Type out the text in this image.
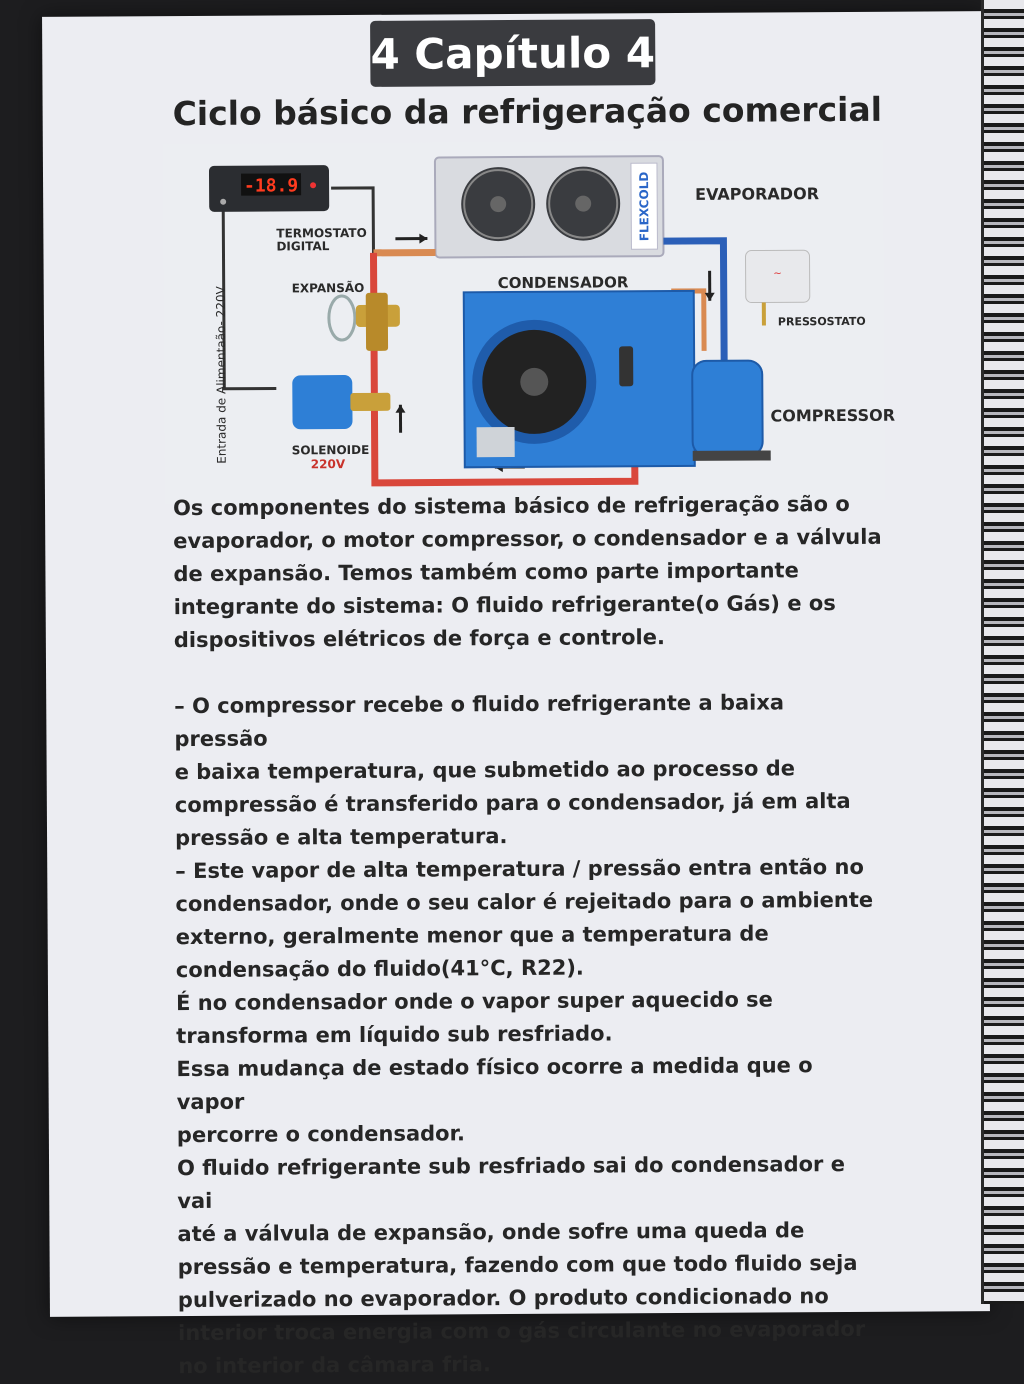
4 Capítulo 4
Ciclo básico da refrigeração comercial
-18.9	FLEXCOLD
~
Entrada de Alimentaão- 220V
TERMOSTATO
DIGITAL
EXPANSÃO
SOLENOIDE
220V
EVAPORADOR
CONDENSADOR
PRESSOSTATO
COMPRESSOR

Os componentes do sistema básico de refrigeração são o

evaporador, o motor compressor, o condensador e a válvula

de expansão. Temos também como parte importante

integrante do sistema: O fluido refrigerante(o Gás) e os

dispositivos elétricos de força e controle.

– O compressor recebe o fluido refrigerante a baixa pressão

e baixa temperatura, que submetido ao processo de

compressão é transferido para o condensador, já em alta

pressão e alta temperatura.

– Este vapor de alta temperatura / pressão entra então no

condensador, onde o seu calor é rejeitado para o ambiente

externo, geralmente menor que a temperatura de

condensação do fluido(41°C, R22).

É no condensador onde o vapor super aquecido se

transforma em líquido sub resfriado.

Essa mudança de estado físico ocorre a medida que o vapor

percorre o condensador.

O fluido refrigerante sub resfriado sai do condensador e vai

até a válvula de expansão, onde sofre uma queda de

pressão e temperatura, fazendo com que todo fluido seja

pulverizado no evaporador. O produto condicionado no

interior troca energia com o gás circulante no evaporador

no interior da câmara fria.
